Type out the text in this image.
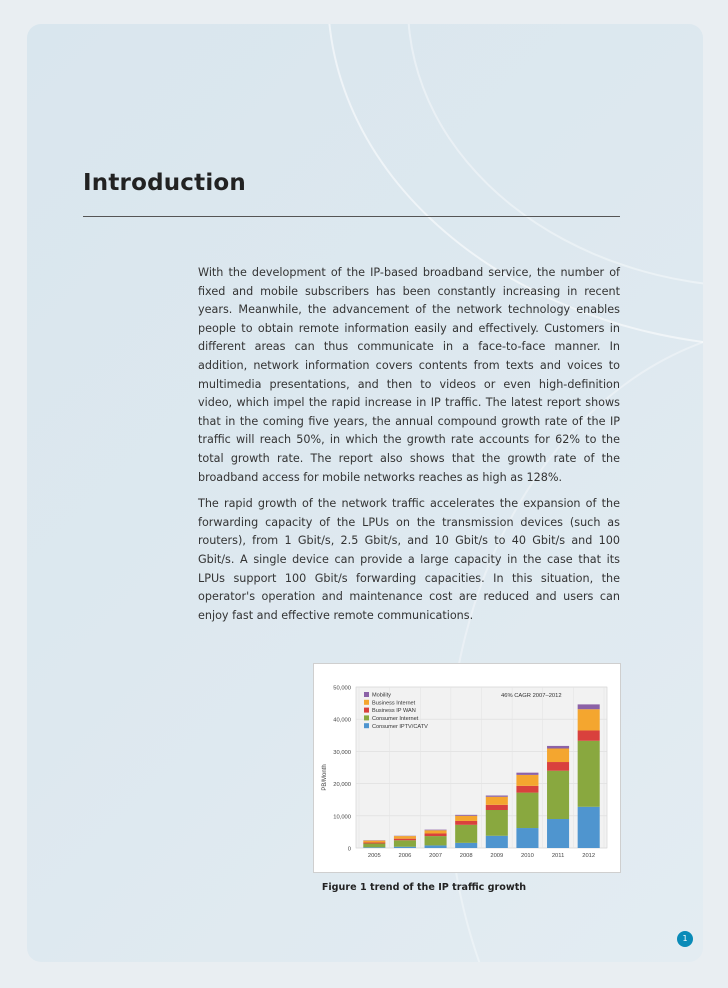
Introduction

With the development of the IP-based broadband service, the number of fixed and mobile subscribers has been constantly increasing in recent years. Meanwhile, the advancement of the network technology enables people to obtain remote information easily and effectively. Customers in different areas can thus communicate in a face-to-face manner. In addition, network information covers contents from texts and voices to multimedia presentations, and then to videos or even high-definition video, which impel the rapid increase in IP traffic. The latest report shows that in the coming five years, the annual compound growth rate of the IP traffic will reach 50%, in which the growth rate accounts for 62% to the total growth rate. The report also shows that the growth rate of the broadband access for mobile networks reaches as high as 128%.

The rapid growth of the network traffic accelerates the expansion of the forwarding capacity of the LPUs on the transmission devices (such as routers), from 1 Gbit/s, 2.5 Gbit/s, and 10 Gbit/s to 40 Gbit/s and 100 Gbit/s. A single device can provide a large capacity in the case that its LPUs support 100 Gbit/s forwarding capacities. In this situation, the operator's operation and maintenance cost are reduced and users can enjoy fast and effective remote communications.

0
10,000
20,000
30,000
40,000
50,000
PB/Month
2005	2006	2007	2008	2009	2010	2011	2012
Mobility
Business Internet
Business IP WAN
Consumer Internet
Consumer IPTV/CATV
46% CAGR 2007–2012
Figure 1 trend of the IP traffic growth
1
